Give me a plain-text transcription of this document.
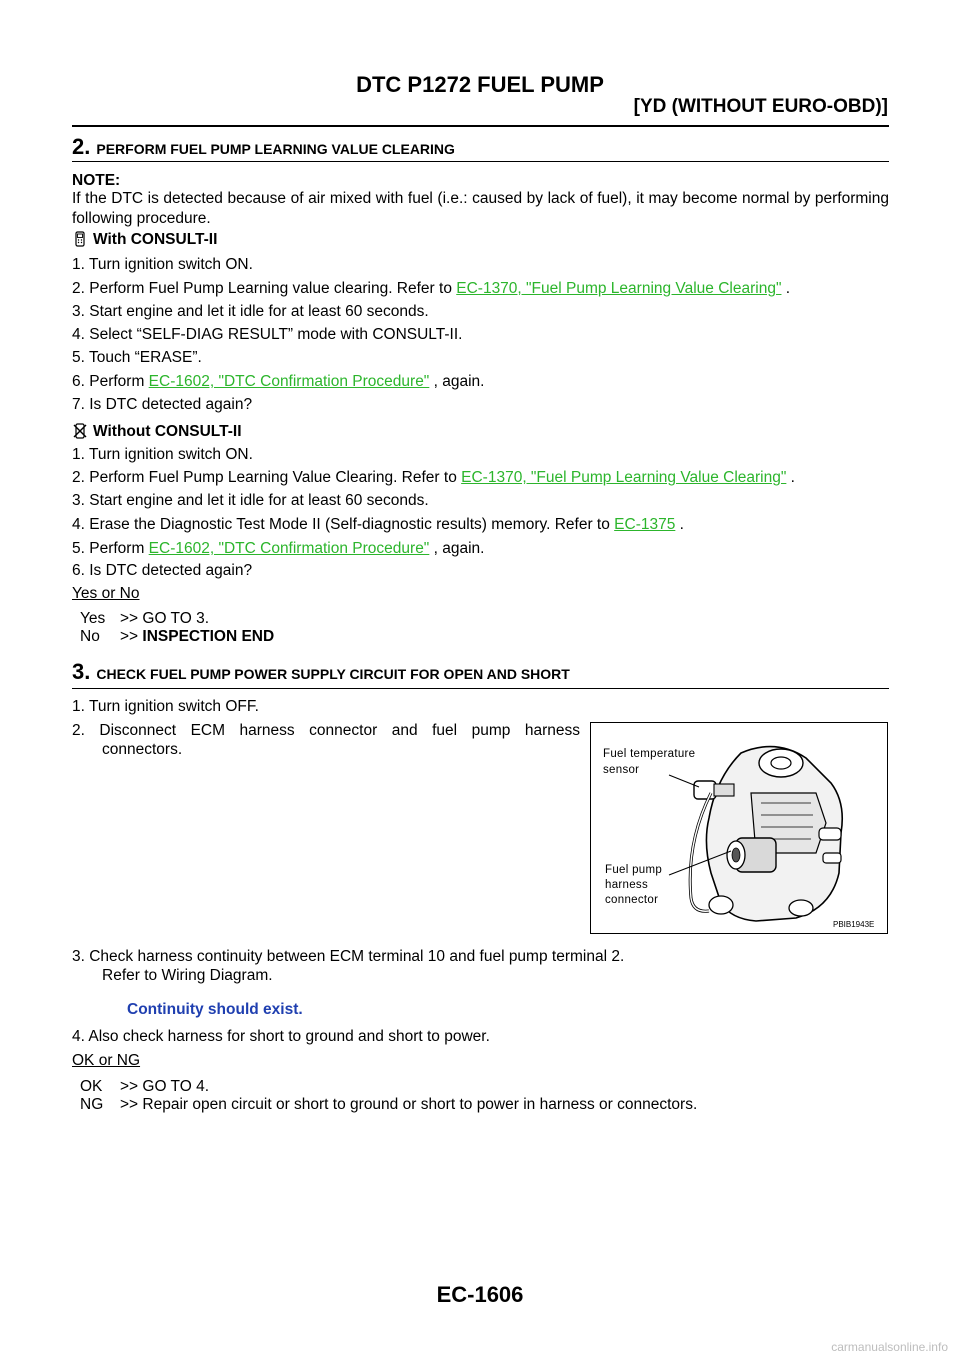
DTC P1272 FUEL PUMP
[YD (WITHOUT EURO-OBD)]
2. PERFORM FUEL PUMP LEARNING VALUE CLEARING
NOTE:
If the DTC is detected because of air mixed with fuel (i.e.: caused by lack of fuel), it may become normal by performing following procedure.
With CONSULT-II
1. Turn ignition switch ON.
2. Perform Fuel Pump Learning value clearing. Refer to EC-1370, "Fuel Pump Learning Value Clearing" .
3. Start engine and let it idle for at least 60 seconds.
4. Select “SELF-DIAG RESULT” mode with CONSULT-II.
5. Touch “ERASE”.
6. Perform EC-1602, "DTC Confirmation Procedure" , again.
7. Is DTC detected again?
Without CONSULT-II
1. Turn ignition switch ON.
2. Perform Fuel Pump Learning Value Clearing. Refer to EC-1370, "Fuel Pump Learning Value Clearing" .
3. Start engine and let it idle for at least 60 seconds.
4. Erase the Diagnostic Test Mode II (Self-diagnostic results) memory. Refer to EC-1375 .
5. Perform EC-1602, "DTC Confirmation Procedure" , again.
6. Is DTC detected again?
Yes or No
Yes >> GO TO 3.
No >> INSPECTION END
3. CHECK FUEL PUMP POWER SUPPLY CIRCUIT FOR OPEN AND SHORT
1. Turn ignition switch OFF.
2. Disconnect ECM harness connector and fuel pump harness
connectors.	Fuel temperature
sensor
Fuel pump
harness
connector
PBIB1943E
3. Check harness continuity between ECM terminal 10 and fuel pump terminal 2.
Refer to Wiring Diagram.
Continuity should exist.
4. Also check harness for short to ground and short to power.
OK or NG
OK >> GO TO 4.
NG >> Repair open circuit or short to ground or short to power in harness or connectors.
EC-1606
carmanualsonline.info
